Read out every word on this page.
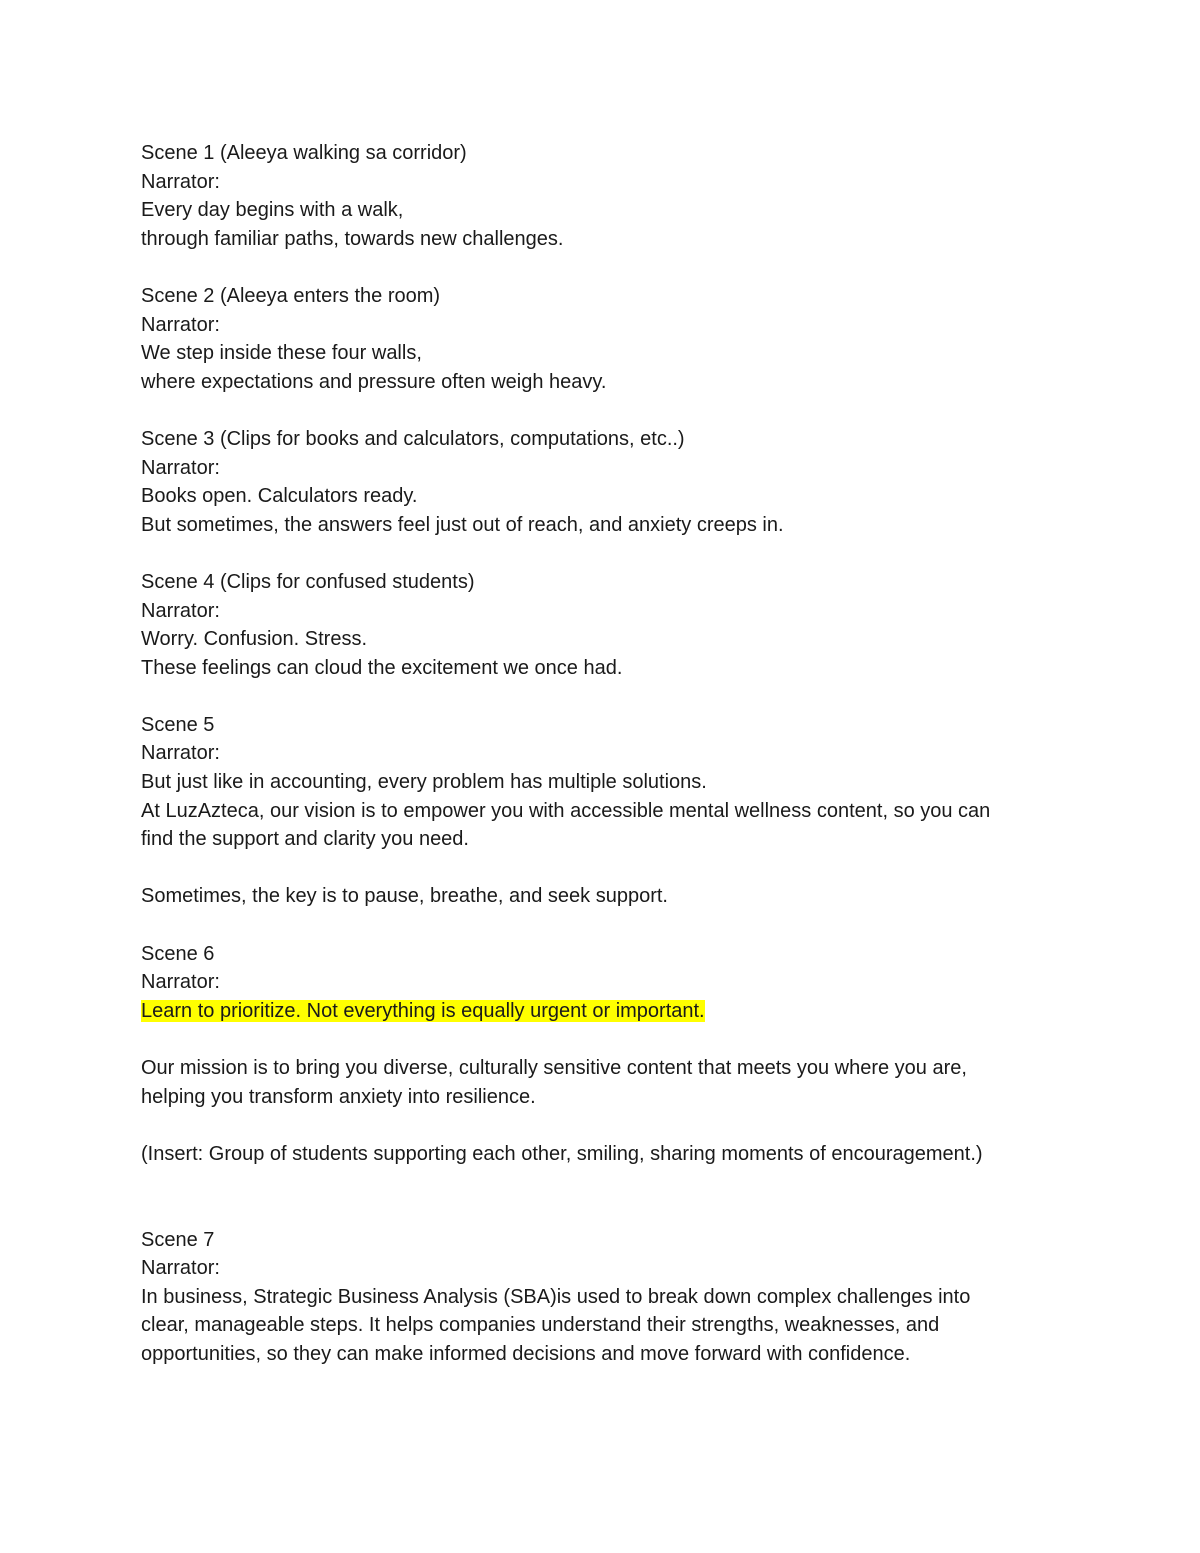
Scene 1 (Aleeya walking sa corridor)
Narrator:
Every day begins with a walk,
through familiar paths, towards new challenges.
Scene 2 (Aleeya enters the room)
Narrator:
We step inside these four walls,
where expectations and pressure often weigh heavy.
Scene 3 (Clips for books and calculators, computations, etc..)
Narrator:
Books open. Calculators ready.
But sometimes, the answers feel just out of reach, and anxiety creeps in.
Scene 4 (Clips for confused students)
Narrator:
Worry. Confusion. Stress.
These feelings can cloud the excitement we once had.
Scene 5
Narrator:
But just like in accounting, every problem has multiple solutions.
At LuzAzteca, our vision is to empower you with accessible mental wellness content, so you can
find the support and clarity you need.
Sometimes, the key is to pause, breathe, and seek support.
Scene 6
Narrator:
Learn to prioritize. Not everything is equally urgent or important.
Our mission is to bring you diverse, culturally sensitive content that meets you where you are,
helping you transform anxiety into resilience.
(Insert: Group of students supporting each other, smiling, sharing moments of encouragement.)
Scene 7
Narrator:
In business, Strategic Business Analysis (SBA)is used to break down complex challenges into
clear, manageable steps. It helps companies understand their strengths, weaknesses, and
opportunities, so they can make informed decisions and move forward with confidence.
